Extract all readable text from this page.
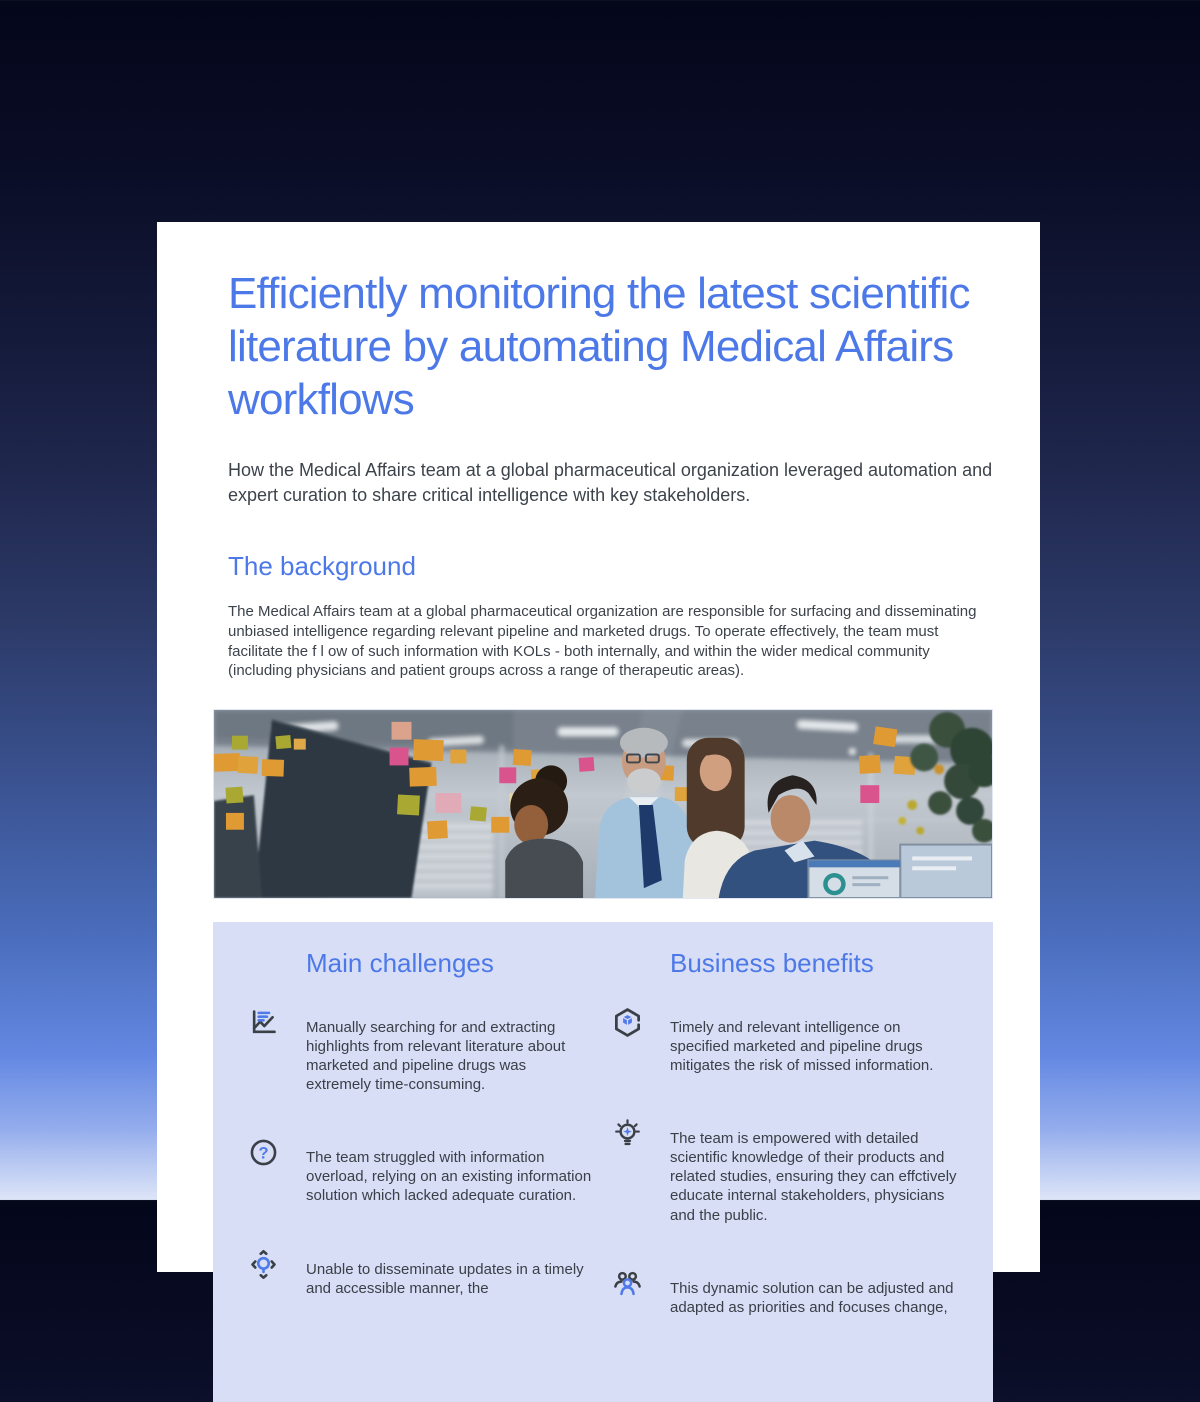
Efficiently monitoring the latest scientific literature by automating Medical Affairs workflows

How the Medical Affairs team at a global pharmaceutical organization leveraged automation and expert curation to share critical intelligence with key stakeholders.

The background

The Medical Affairs team at a global pharmaceutical organization are responsible for surfacing and disseminating unbiased intelligence regarding relevant pipeline and marketed drugs. To operate effectively, the team must facilitate the f l ow of such information with KOLs - both internally, and within the wider medical community (including physicians and patient groups across a range of therapeutic areas).

Main challenges

Manually searching for and extracting highlights from relevant literature about marketed and pipeline drugs was extremely time-consuming.

? The team struggled with information overload, relying on an existing information solution which lacked adequate curation.

Unable to disseminate updates in a timely and accessible manner, the

Business benefits

Timely and relevant intelligence on specified marketed and pipeline drugs mitigates the risk of missed information.

The team is empowered with detailed scientific knowledge of their products and related studies, ensuring they can effctively educate internal stakeholders, physicians and the public.

This dynamic solution can be adjusted and adapted as priorities and focuses change,
